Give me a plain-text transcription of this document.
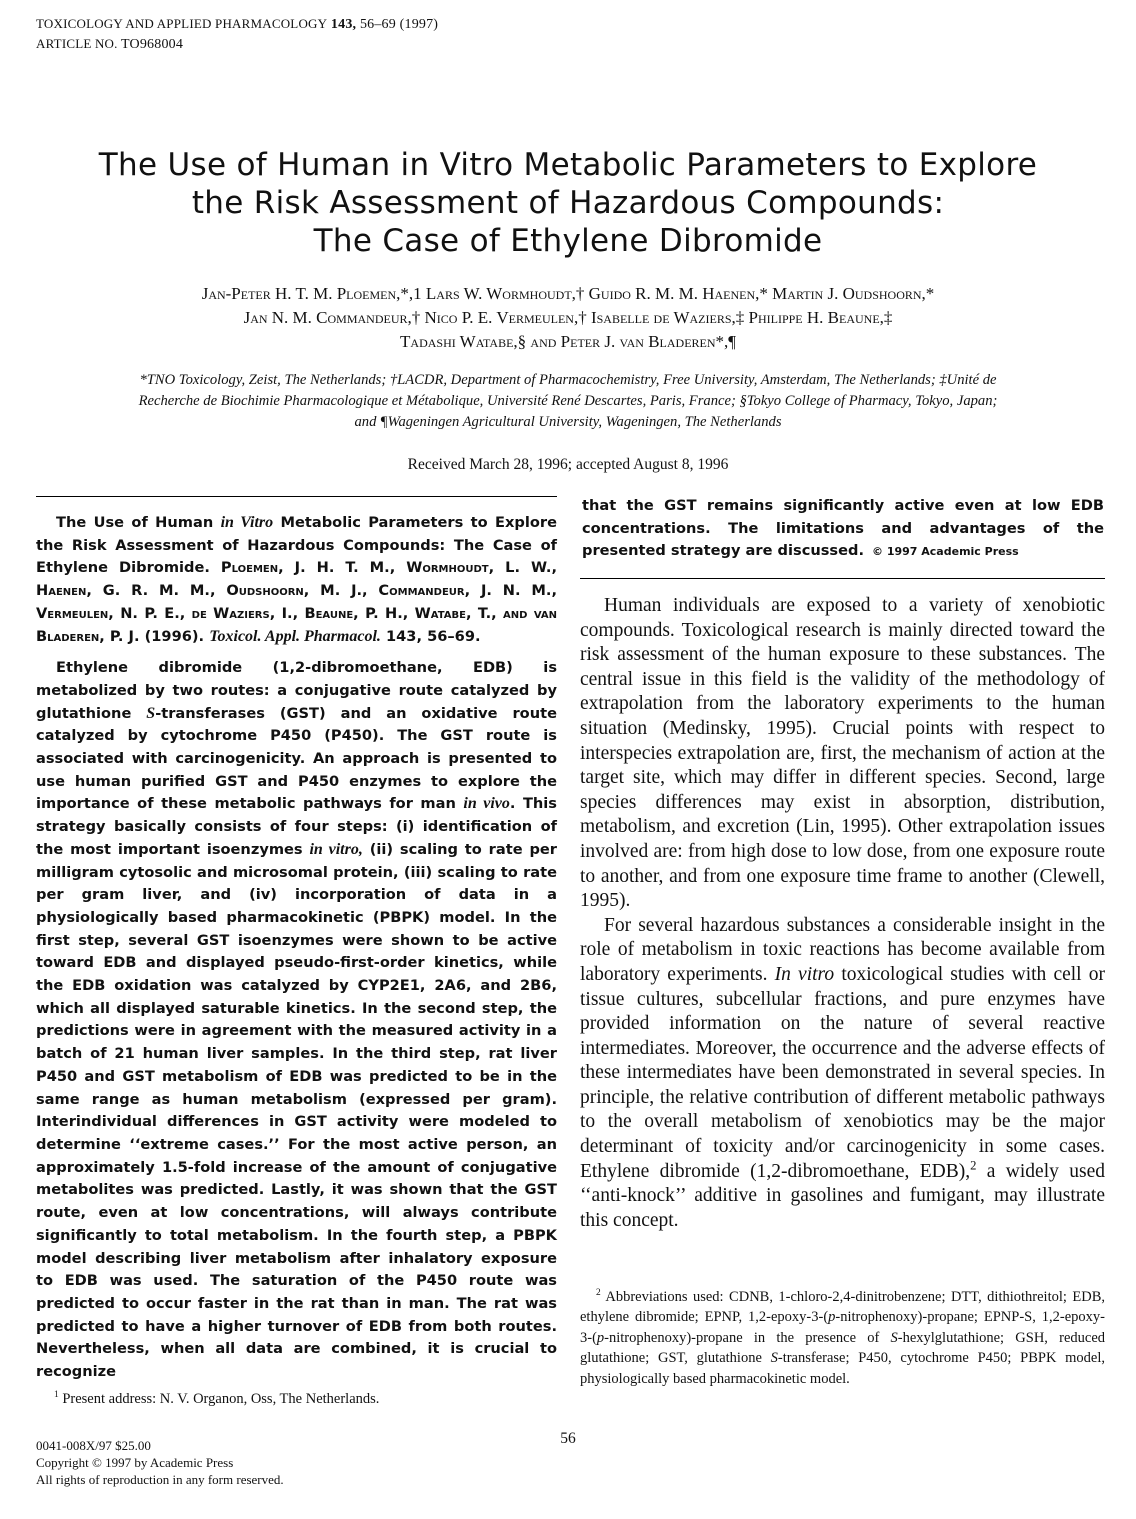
TOXICOLOGY AND APPLIED PHARMACOLOGY 143, 56–69 (1997)
ARTICLE NO. TO968004
The Use of Human in Vitro Metabolic Parameters to Explore
the Risk Assessment of Hazardous Compounds:
The Case of Ethylene Dibromide
Jan-Peter H. T. M. Ploemen,*,1 Lars W. Wormhoudt,† Guido R. M. M. Haenen,* Martin J. Oudshoorn,*
Jan N. M. Commandeur,† Nico P. E. Vermeulen,† Isabelle de Waziers,‡ Philippe H. Beaune,‡
Tadashi Watabe,§ and Peter J. van Bladeren*,¶
*TNO Toxicology, Zeist, The Netherlands; †LACDR, Department of Pharmacochemistry, Free University, Amsterdam, The Netherlands; ‡Unité de
Recherche de Biochimie Pharmacologique et Métabolique, Université René Descartes, Paris, France; §Tokyo College of Pharmacy, Tokyo, Japan;
and ¶Wageningen Agricultural University, Wageningen, The Netherlands
Received March 28, 1996; accepted August 8, 1996

The Use of Human in Vitro Metabolic Parameters to Explore the Risk Assessment of Hazardous Compounds: The Case of Ethylene Dibromide. Ploemen, J. H. T. M., Wormhoudt, L. W., Haenen, G. R. M. M., Oudshoorn, M. J., Commandeur, J. N. M., Vermeulen, N. P. E., de Waziers, I., Beaune, P. H., Watabe, T., and van Bladeren, P. J. (1996). Toxicol. Appl. Pharmacol. 143, 56–69.

Ethylene dibromide (1,2-dibromoethane, EDB) is metabolized by two routes: a conjugative route catalyzed by glutathione S-transferases (GST) and an oxidative route catalyzed by cytochrome P450 (P450). The GST route is associated with carcinogenicity. An approach is presented to use human purified GST and P450 enzymes to explore the importance of these metabolic pathways for man in vivo. This strategy basically consists of four steps: (i) identification of the most important isoenzymes in vitro, (ii) scaling to rate per milligram cytosolic and microsomal protein, (iii) scaling to rate per gram liver, and (iv) incorporation of data in a physiologically based pharmacokinetic (PBPK) model. In the first step, several GST isoenzymes were shown to be active toward EDB and displayed pseudo-first-order kinetics, while the EDB oxidation was catalyzed by CYP2E1, 2A6, and 2B6, which all displayed saturable kinetics. In the second step, the predictions were in agreement with the measured activity in a batch of 21 human liver samples. In the third step, rat liver P450 and GST metabolism of EDB was predicted to be in the same range as human metabolism (expressed per gram). Interindividual differences in GST activity were modeled to determine ‘‘extreme cases.’’ For the most active person, an approximately 1.5-fold increase of the amount of conjugative metabolites was predicted. Lastly, it was shown that the GST route, even at low concentrations, will always contribute significantly to total metabolism. In the fourth step, a PBPK model describing liver metabolism after inhalatory exposure to EDB was used. The saturation of the P450 route was predicted to occur faster in the rat than in man. The rat was predicted to have a higher turnover of EDB from both routes. Nevertheless, when all data are combined, it is crucial to recognize

that the GST remains significantly active even at low EDB concentrations. The limitations and advantages of the presented strategy are discussed. © 1997 Academic Press

Human individuals are exposed to a variety of xenobiotic compounds. Toxicological research is mainly directed toward the risk assessment of the human exposure to these substances. The central issue in this field is the validity of the methodology of extrapolation from the laboratory experiments to the human situation (Medinsky, 1995). Crucial points with respect to interspecies extrapolation are, first, the mechanism of action at the target site, which may differ in different species. Second, large species differences may exist in absorption, distribution, metabolism, and excretion (Lin, 1995). Other extrapolation issues involved are: from high dose to low dose, from one exposure route to another, and from one exposure time frame to another (Clewell, 1995).

For several hazardous substances a considerable insight in the role of metabolism in toxic reactions has become available from laboratory experiments. In vitro toxicological studies with cell or tissue cultures, subcellular fractions, and pure enzymes have provided information on the nature of several reactive intermediates. Moreover, the occurrence and the adverse effects of these intermediates have been demonstrated in several species. In principle, the relative contribution of different metabolic pathways to the overall metabolism of xenobiotics may be the major determinant of toxicity and/or carcinogenicity in some cases. Ethylene dibromide (1,2-dibromoethane, EDB),$^2$ a widely used ‘‘anti-knock’’ additive in gasolines and fumigant, may illustrate this concept.

$^2$ Abbreviations used: CDNB, 1-chloro-2,4-dinitrobenzene; DTT, dithiothreitol; EDB, ethylene dibromide; EPNP, 1,2-epoxy-3-(p-nitrophenoxy)-propane; EPNP-S, 1,2-epoxy-3-(p-nitrophenoxy)-propane in the presence of S-hexylglutathione; GSH, reduced glutathione; GST, glutathione S-transferase; P450, cytochrome P450; PBPK model, physiologically based pharmacokinetic model.

$^1$ Present address: N. V. Organon, Oss, The Netherlands.

56
0041-008X/97 $25.00
Copyright © 1997 by Academic Press
All rights of reproduction in any form reserved.
